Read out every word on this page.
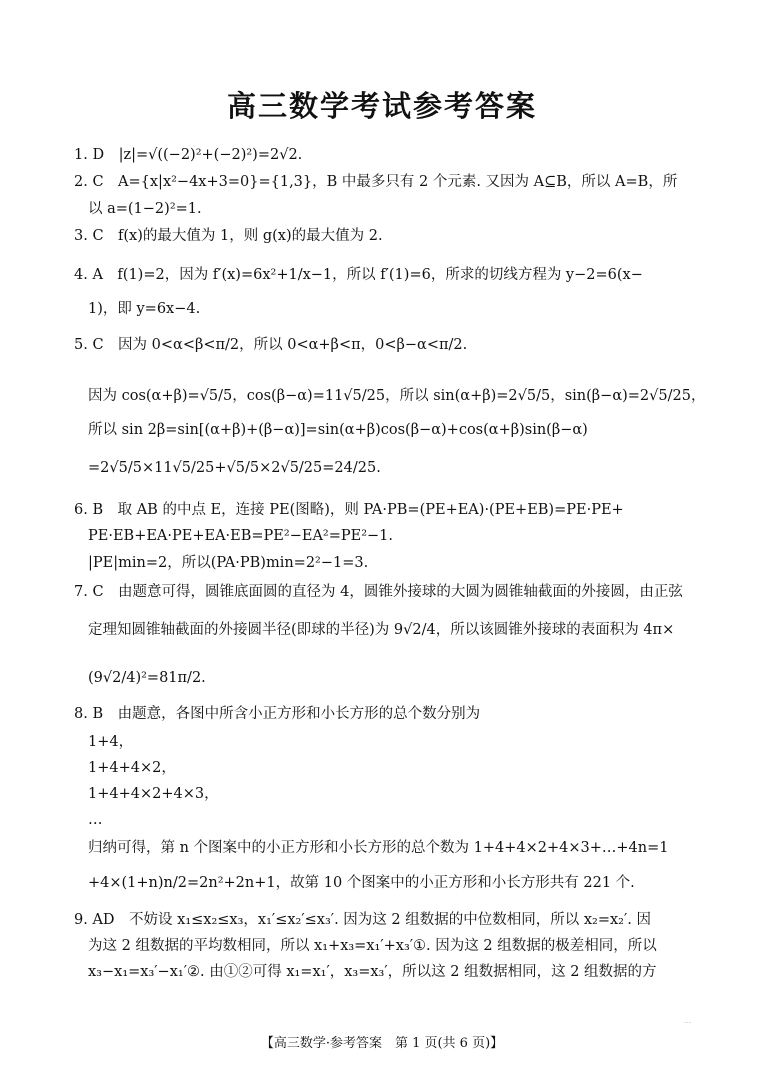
高三数学考试参考答案
1. D　|z|=√((−2)²+(−2)²)=2√2.
2. C　A={x|x²−4x+3=0}={1,3}，B 中最多只有 2 个元素. 又因为 A⊆B，所以 A=B，所
以 a=(1−2)²=1.
3. C　f(x)的最大值为 1，则 g(x)的最大值为 2.
4. A　f(1)=2，因为 f′(x)=6x²+1/x−1，所以 f′(1)=6，所求的切线方程为 y−2=6(x−
1)，即 y=6x−4.
5. C　因为 0<α<β<π/2，所以 0<α+β<π，0<β−α<π/2.
因为 cos(α+β)=√5/5，cos(β−α)=11√5/25，所以 sin(α+β)=2√5/5，sin(β−α)=2√5/25，
所以 sin 2β=sin[(α+β)+(β−α)]=sin(α+β)cos(β−α)+cos(α+β)sin(β−α)
=2√5/5×11√5/25+√5/5×2√5/25=24/25.
6. B　取 AB 的中点 E，连接 PE(图略)，则 PA·PB=(PE+EA)·(PE+EB)=PE·PE+
PE·EB+EA·PE+EA·EB=PE²−EA²=PE²−1.
|PE|min=2，所以(PA·PB)min=2²−1=3.
7. C　由题意可得，圆锥底面圆的直径为 4，圆锥外接球的大圆为圆锥轴截面的外接圆，由正弦
定理知圆锥轴截面的外接圆半径(即球的半径)为 9√2/4，所以该圆锥外接球的表面积为 4π×
(9√2/4)²=81π/2.
8. B　由题意，各图中所含小正方形和小长方形的总个数分别为
1+4，
1+4+4×2，
1+4+4×2+4×3，
…
归纳可得，第 n 个图案中的小正方形和小长方形的总个数为 1+4+4×2+4×3+…+4n=1
+4×(1+n)n/2=2n²+2n+1，故第 10 个图案中的小正方形和小长方形共有 221 个.
9. AD　不妨设 x₁≤x₂≤x₃，x₁′≤x₂′≤x₃′. 因为这 2 组数据的中位数相同，所以 x₂=x₂′. 因
为这 2 组数据的平均数相同，所以 x₁+x₃=x₁′+x₃′①. 因为这 2 组数据的极差相同，所以
x₃−x₁=x₃′−x₁′②. 由①②可得 x₁=x₁′，x₃=x₃′，所以这 2 组数据相同，这 2 组数据的方
【高三数学·参考答案　第 1 页(共 6 页)】
...
